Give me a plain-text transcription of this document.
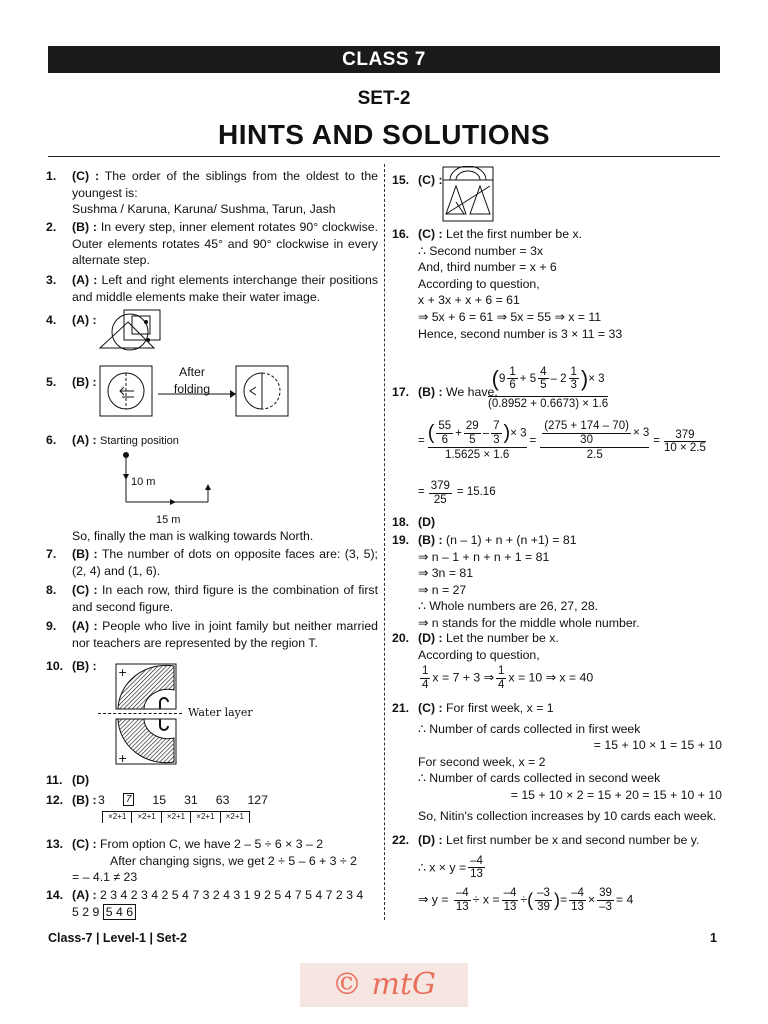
CLASS 7
SET-2
HINTS AND SOLUTIONS
1.	(C) : The order of the siblings from the oldest to the youngest is:
Sushma / Karuna, Karuna/ Sushma, Tarun, Jash
2.	(B) : In every step, inner element rotates 90° clockwise. Outer elements rotates 45° and 90° clockwise in every alternate step.
3.	(A) : Left and right elements interchange their positions and middle elements make their water image.
4.	(A) :
5.	(B) :
After
folding
6.	(A) : Starting position
10 m
15 m
So, finally the man is walking towards North.
7.	(B) : The number of dots on opposite faces are: (3, 5); (2, 4) and (1, 6).
8.	(C) : In each row, third figure is the combination of first and second figure.
9.	(A) : People who live in joint family but neither married nor teachers are represented by the region T.
10. (B) :	+
+
Water layer
11. (D)
12. (B) : 3	7 15 31 63 127
×2+1	×2+1	×2+1	×2+1	×2+1
13. (C) : From option C, we have 2 – 5 ÷ 6 × 3 – 2
After changing signs, we get 2 ÷ 5 – 6 + 3 ÷ 2
= – 4.1 ≠ 23
14. (A) : 2 3 4 2 3 4 2 5 4 7 3 2 4 3 1 9 2 5 4 7 5 4 7 2 3 4
5 2 9 5 4 6
15. (C) :
16. (C) : Let the first number be x.
∴ Second number = 3x
And, third number = x + 6
According to question,
x + 3x + x + 6 = 61
⇒ 5x + 6 = 61 ⇒ 5x = 55 ⇒ x = 11
Hence, second number is 3 × 11 = 33
17. (B) : We have,
($9 \frac{1}{6} + 5 \frac{4}{5} - 2 \frac{1}{3}$ )× 3
(0.8952 + 0.6673) × 1.6
= $\frac{( \frac{55}{6} + \frac{29}{5} - \frac{7}{3} )\times 3}{1.5625 \times 1.6} = \frac{\frac{(275 + 174 - 70)}{30} \times 3}{2.5} = \frac{379}{10 \times 2.5}$
= $\frac{379}{25} = 15.16$
18. (D)
19. (B) : (n – 1) + n + (n +1) = 81
⇒ n – 1 + n + n + 1 = 81
⇒ 3n = 81
⇒ n = 27
∴ Whole numbers are 26, 27, 28.
⇒ n stands for the middle whole number.
20. (D) : Let the number be x.
According to question,
$\frac{1}{4}$ x = 7 + 3 ⇒ $\frac{1}{4}$ x = 10 ⇒ x = 40
21. (C) : For first week, x = 1
∴ Number of cards collected in first week
= 15 + 10 × 1 = 15 + 10
For second week, x = 2
∴ Number of cards collected in second week
= 15 + 10 × 2 = 15 + 20 = 15 + 10 + 10
So, Nitin's collection increases by 10 cards each week.
22. (D) : Let first number be x and second number be y.
∴ $x \times y = \frac{-4}{13}$
⇒ $y = \frac{-4}{13} \div x = \frac{-4}{13}$ ÷( $\frac{-3}{39}$ )= $\frac{-4}{13} \times \frac{39}{-3} = 4$
Class-7 | Level-1 | Set-2	1
© mtG
